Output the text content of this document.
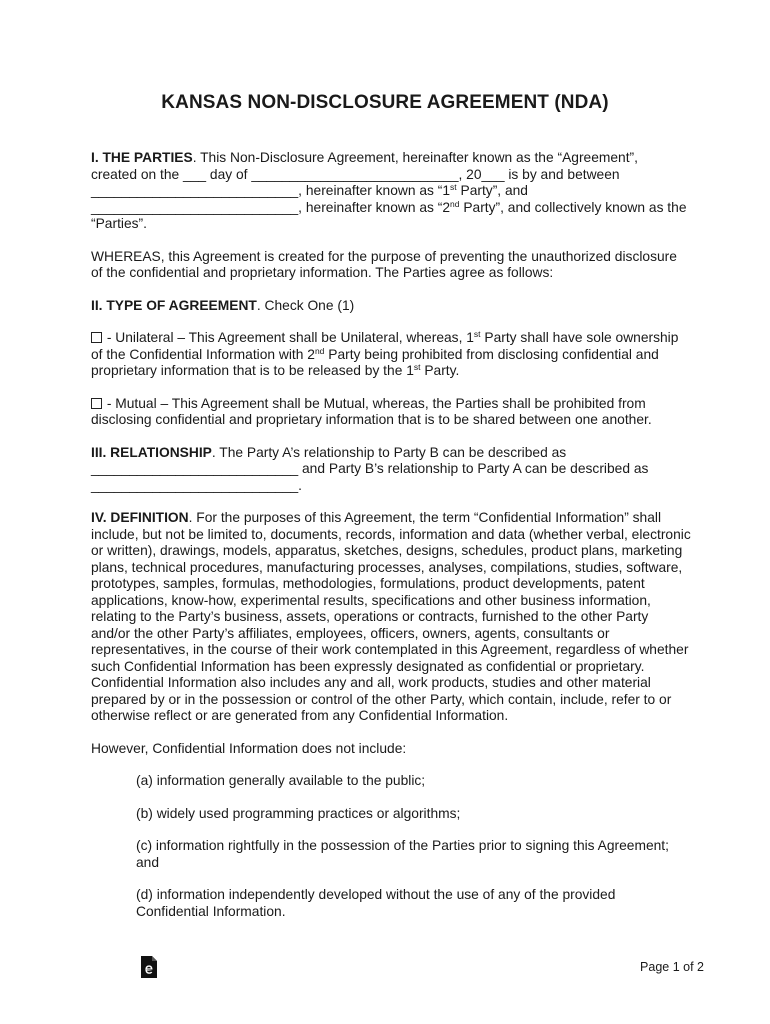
KANSAS NON-DISCLOSURE AGREEMENT (NDA)

I. THE PARTIES. This Non-Disclosure Agreement, hereinafter known as the “Agreement”,
created on the ___ day of ___________________________, 20___ is by and between
___________________________, hereinafter known as “1st Party”, and
___________________________, hereinafter known as “2nd Party”, and collectively known as the
“Parties”.

WHEREAS, this Agreement is created for the purpose of preventing the unauthorized disclosure of the confidential and proprietary information. The Parties agree as follows:

II. TYPE OF AGREEMENT. Check One (1)

- Unilateral – This Agreement shall be Unilateral, whereas, 1st Party shall have sole ownership of the Confidential Information with 2nd Party being prohibited from disclosing confidential and proprietary information that is to be released by the 1st Party.

- Mutual – This Agreement shall be Mutual, whereas, the Parties shall be prohibited from disclosing confidential and proprietary information that is to be shared between one another.

III. RELATIONSHIP. The Party A’s relationship to Party B can be described as
___________________________ and Party B’s relationship to Party A can be described as
___________________________.

IV. DEFINITION. For the purposes of this Agreement, the term “Confidential Information” shall include, but not be limited to, documents, records, information and data (whether verbal, electronic or written), drawings, models, apparatus, sketches, designs, schedules, product plans, marketing plans, technical procedures, manufacturing processes, analyses, compilations, studies, software, prototypes, samples, formulas, methodologies, formulations, product developments, patent applications, know-how, experimental results, specifications and other business information, relating to the Party’s business, assets, operations or contracts, furnished to the other Party and/or the other Party’s affiliates, employees, officers, owners, agents, consultants or representatives, in the course of their work contemplated in this Agreement, regardless of whether such Confidential Information has been expressly designated as confidential or proprietary. Confidential Information also includes any and all, work products, studies and other material prepared by or in the possession or control of the other Party, which contain, include, refer to or otherwise reflect or are generated from any Confidential Information.

However, Confidential Information does not include:

(a) information generally available to the public;

(b) widely used programming practices or algorithms;

(c) information rightfully in the possession of the Parties prior to signing this Agreement; and

(d) information independently developed without the use of any of the provided Confidential Information.

Page 1 of 2
